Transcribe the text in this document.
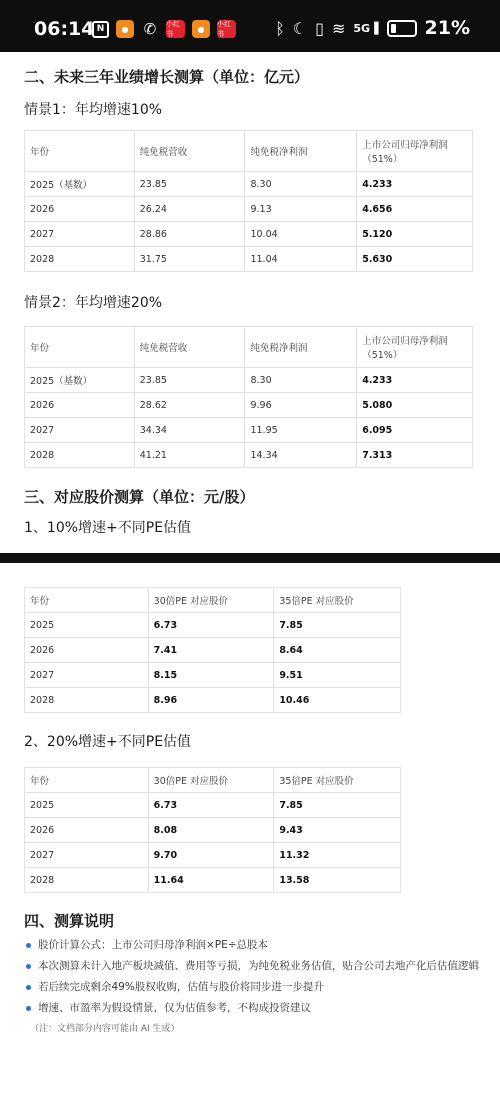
06:14 N	●	✆	小红书
●
小红书	ᛒ ☾ ▯ ≋ 5G▐ 21%
二、未来三年业绩增长测算（单位：亿元）
情景1：年均增速10%
年份	纯免税营收	纯免税净利润	上市公司归母净利润
（51%）
2025（基数）	23.85	8.30	4.233
2026	26.24	9.13	4.656
2027	28.86	10.04	5.120
2028	31.75	11.04	5.630
情景2：年均增速20%
年份	纯免税营收	纯免税净利润	上市公司归母净利润
（51%）
2025（基数）	23.85	8.30	4.233
2026	28.62	9.96	5.080
2027	34.34	11.95	6.095
2028	41.21	14.34	7.313
三、对应股价测算（单位：元/股）
1、10%增速+不同PE估值
年份	30倍PE 对应股价	35倍PE 对应股价
2025	6.73	7.85
2026	7.41	8.64
2027	8.15	9.51
2028	8.96	10.46
2、20%增速+不同PE估值
年份	30倍PE 对应股价	35倍PE 对应股价
2025	6.73	7.85
2026	8.08	9.43
2027	9.70	11.32
2028	11.64	13.58
四、测算说明
股价计算公式：上市公司归母净利润×PE÷总股本
本次测算未计入地产板块减值、费用等亏损，为纯免税业务估值，贴合公司去地产化后估值逻辑
若后续完成剩余49%股权收购，估值与股价将同步进一步提升
增速、市盈率为假设情景，仅为估值参考，不构成投资建议
（注：文档部分内容可能由 AI 生成）
